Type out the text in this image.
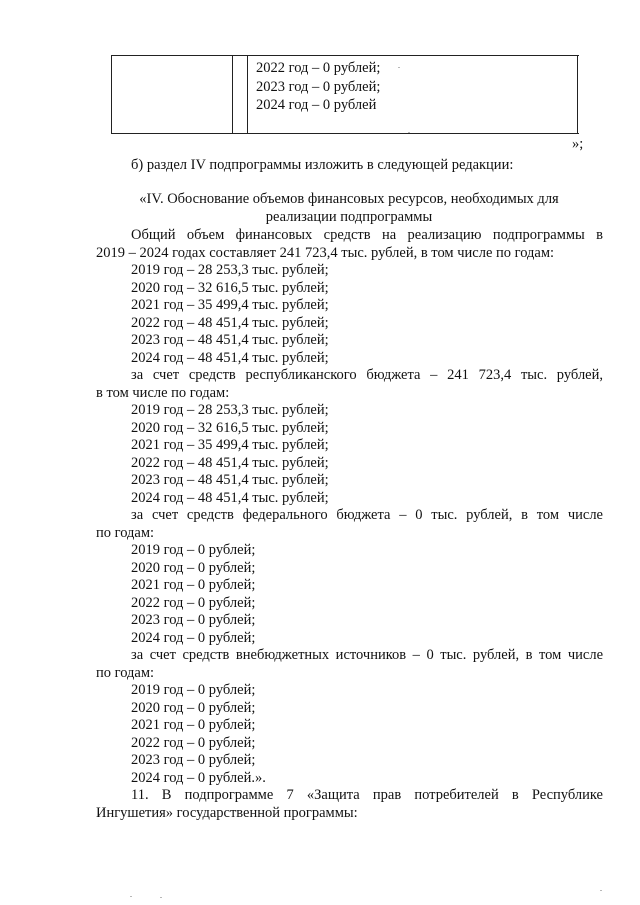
2022 год – 0 рублей;
2023 год – 0 рублей;
2024 год – 0 рублей
»;
б) раздел IV подпрограммы изложить в следующей редакции:
«IV. Обоснование объемов финансовых ресурсов, необходимых для
реализации подпрограммы
Общий объем финансовых средств на реализацию подпрограммы в
2019 – 2024 годах составляет 241 723,4 тыс. рублей, в том числе по годам:
2019 год – 28 253,3 тыс. рублей;
2020 год – 32 616,5 тыс. рублей;
2021 год – 35 499,4 тыс. рублей;
2022 год – 48 451,4 тыс. рублей;
2023 год – 48 451,4 тыс. рублей;
2024 год – 48 451,4 тыс. рублей;
за счет средств республиканского бюджета – 241 723,4 тыс. рублей,
в том числе по годам:
2019 год – 28 253,3 тыс. рублей;
2020 год – 32 616,5 тыс. рублей;
2021 год – 35 499,4 тыс. рублей;
2022 год – 48 451,4 тыс. рублей;
2023 год – 48 451,4 тыс. рублей;
2024 год – 48 451,4 тыс. рублей;
за счет средств федерального бюджета – 0 тыс. рублей, в том числе
по годам:
2019 год – 0 рублей;
2020 год – 0 рублей;
2021 год – 0 рублей;
2022 год – 0 рублей;
2023 год – 0 рублей;
2024 год – 0 рублей;
за счет средств внебюджетных источников – 0 тыс. рублей, в том числе
по годам:
2019 год – 0 рублей;
2020 год – 0 рублей;
2021 год – 0 рублей;
2022 год – 0 рублей;
2023 год – 0 рублей;
2024 год – 0 рублей.».
11. В подпрограмме 7 «Защита прав потребителей в Республике
Ингушетия» государственной программы:
